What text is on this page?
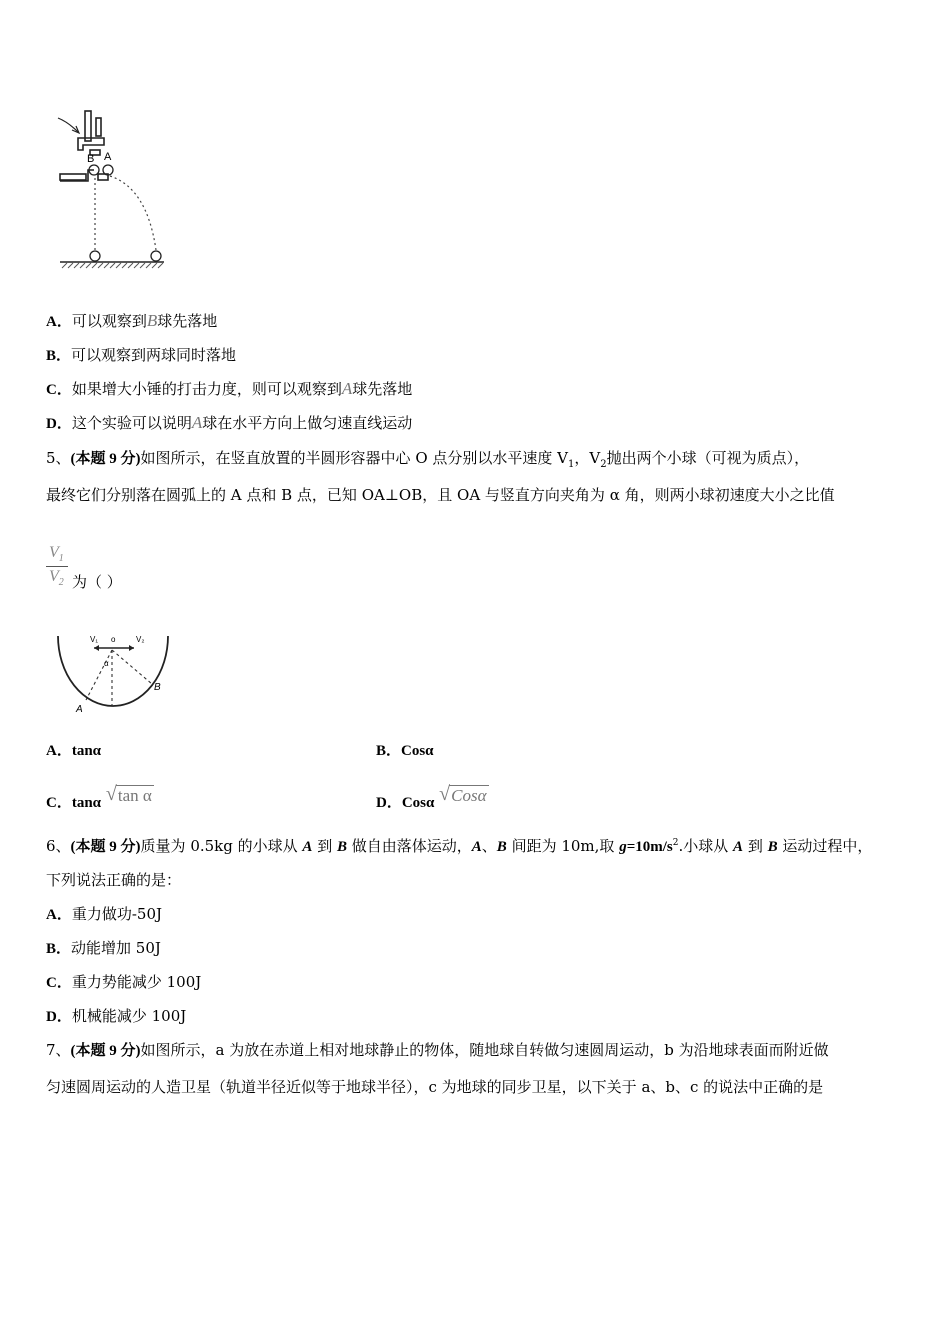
B A
A．可以观察到B球先落地
B．可以观察到两球同时落地
C．如果增大小锤的打击力度，则可以观察到A球先落地
D．这个实验可以说明A球在水平方向上做匀速直线运动
5、(本题 9 分)如图所示，在竖直放置的半圆形容器中心 O 点分别以水平速度 $V_1$，$V_2$抛出两个小球（可视为质点），
最终它们分别落在圆弧上的 A 点和 B 点，已知 OA⊥OB，且 OA 与竖直方向夹角为 α 角，则两小球初速度大小之比值
$V_1$
$V_2$ 为（ ）
V₁ o	V₂
α
A
B
A．tanα	B．Cosα
C．tanα √ tan α	D．Cosα √ Cosα
6、(本题 9 分)质量为 0.5kg 的小球从 A 到 B 做自由落体运动，A、B 间距为 10m,取 $g=10m/s^2$.小球从 A 到 B 运动过程中，
下列说法正确的是：
A．重力做功-50J
B．动能增加 50J
C．重力势能减少 100J
D．机械能减少 100J
7、(本题 9 分)如图所示，a 为放在赤道上相对地球静止的物体，随地球自转做匀速圆周运动，b 为沿地球表面而附近做
匀速圆周运动的人造卫星（轨道半径近似等于地球半径），c 为地球的同步卫星，以下关于 a、b、c 的说法中正确的是
